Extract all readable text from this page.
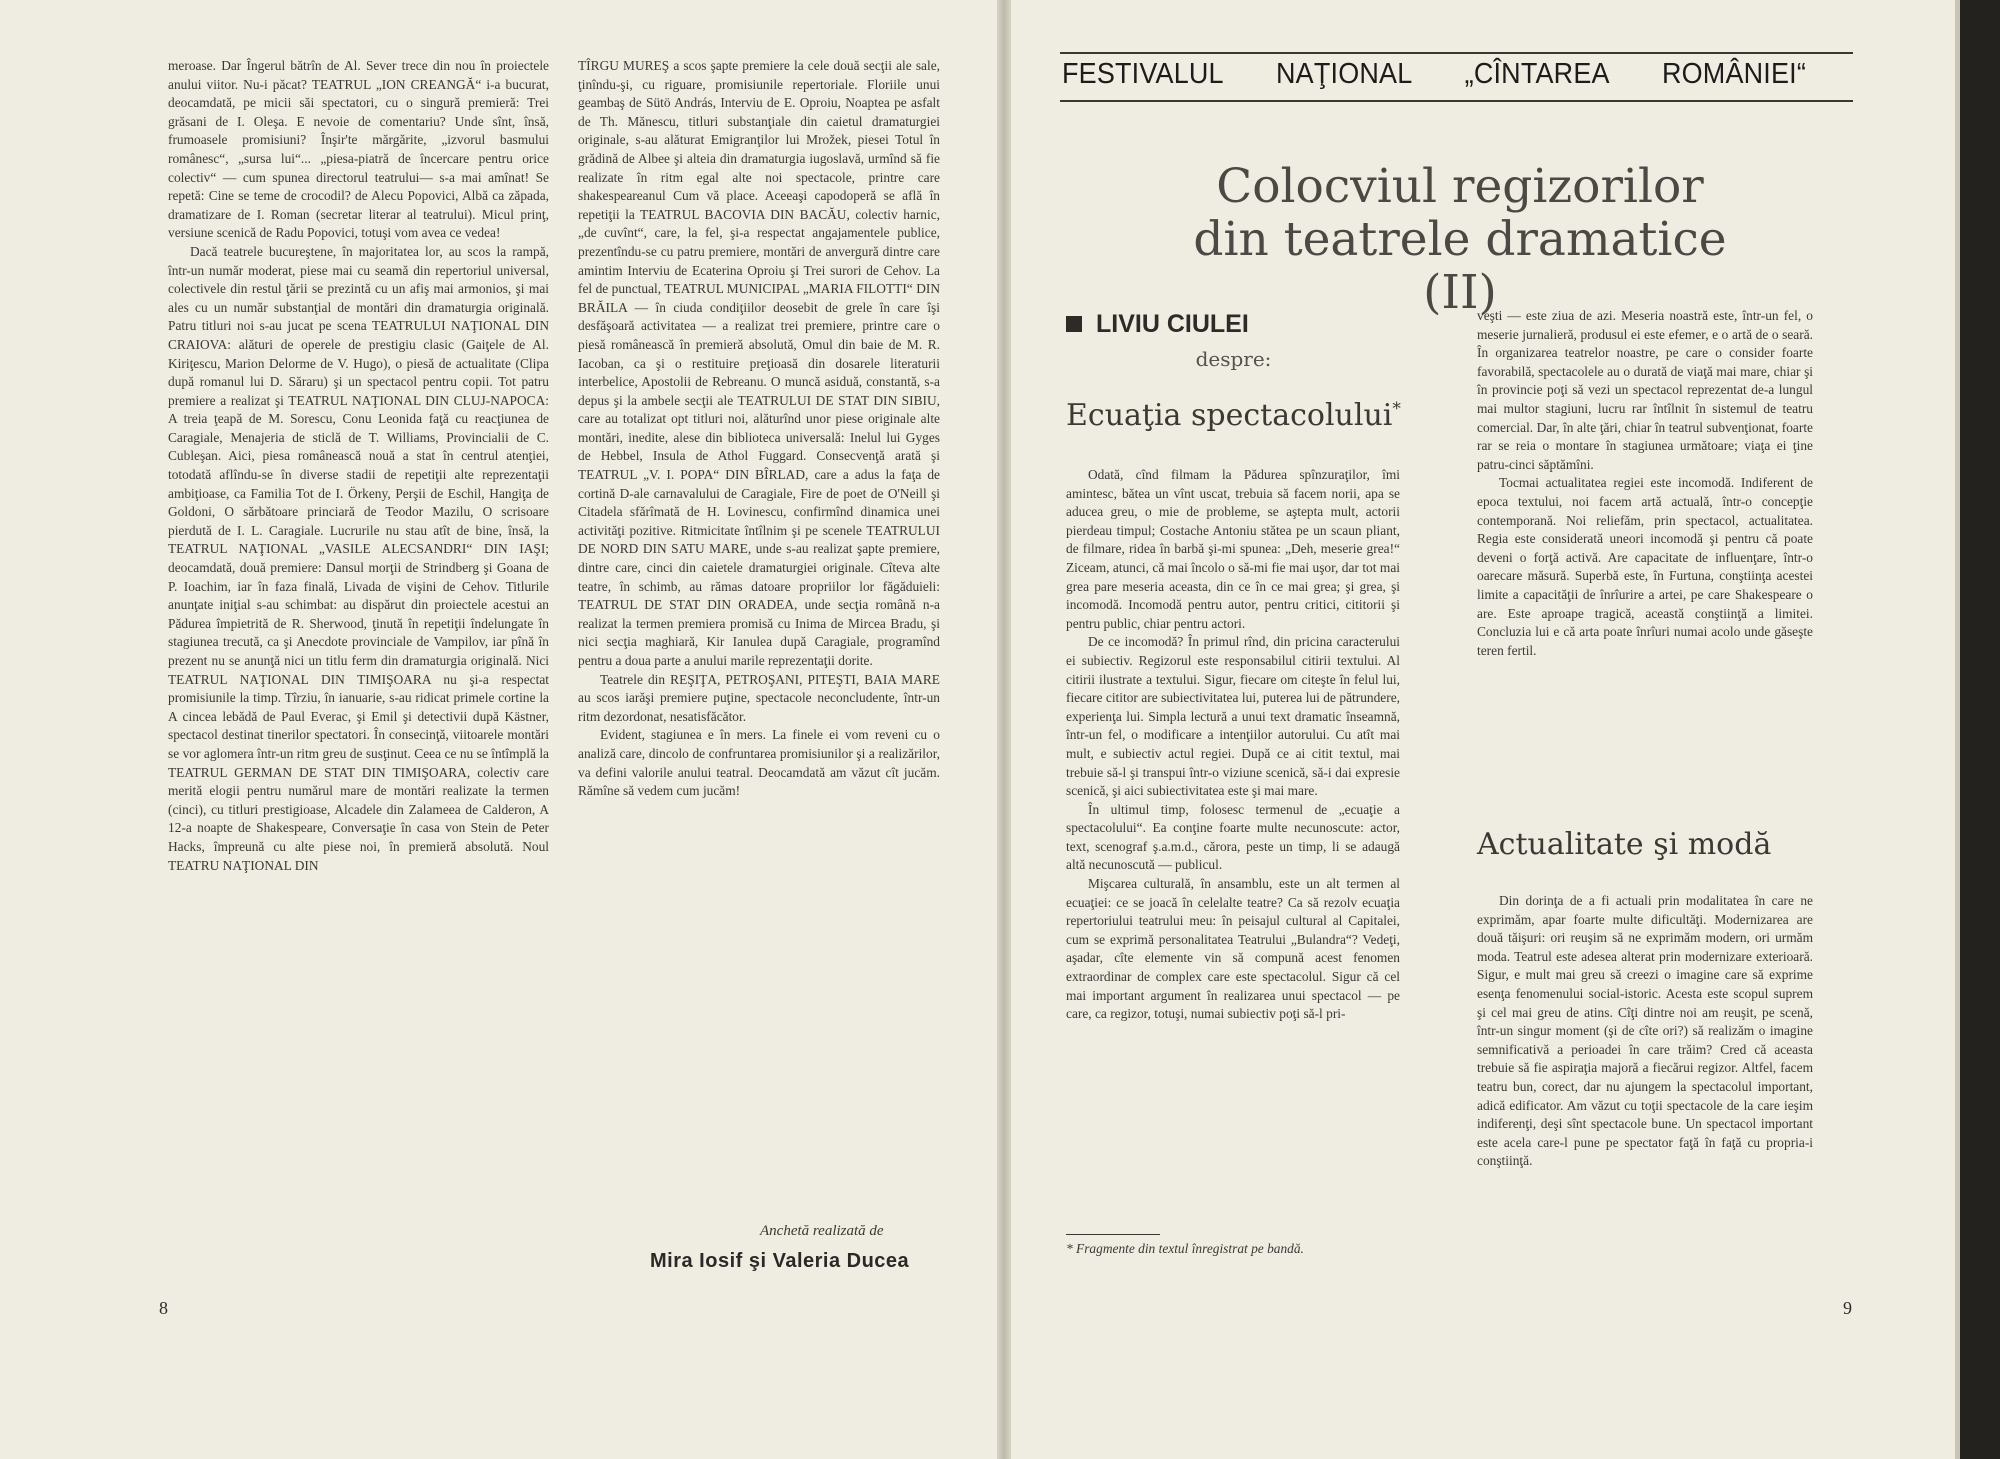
meroase. Dar Îngerul bătrîn de Al. Sever trece din nou în proiectele anului viitor. Nu-i păcat? TEATRUL „ION CREANGĂ“ i-a bucurat, deocamdată, pe micii săi spectatori, cu o singură premieră: Trei grăsani de I. Oleşa. E nevoie de comentariu? Unde sînt, însă, frumoasele promisiuni? Înşir'te mărgărite, „izvorul basmului românesc“, „sursa lui“... „piesa-piatră de încercare pentru orice colectiv“ — cum spunea directorul teatrului— s-a mai amînat! Se repetă: Cine se teme de crocodil? de Alecu Popovici, Albă ca zăpada, dramatizare de I. Roman (secretar literar al teatrului). Micul prinţ, versiune scenică de Radu Popovici, totuşi vom avea ce vedea!

Dacă teatrele bucureştene, în majoritatea lor, au scos la rampă, într-un număr moderat, piese mai cu seamă din repertoriul universal, colectivele din restul ţării se prezintă cu un afiş mai armonios, şi mai ales cu un număr substanţial de montări din dramaturgia originală. Patru titluri noi s-au jucat pe scena TEATRULUI NAŢIONAL DIN CRAIOVA: alături de operele de prestigiu clasic (Gaiţele de Al. Kiriţescu, Marion Delorme de V. Hugo), o piesă de actualitate (Clipa după romanul lui D. Săraru) şi un spectacol pentru copii. Tot patru premiere a realizat şi TEATRUL NAŢIONAL DIN CLUJ-NAPOCA: A treia ţeapă de M. Sorescu, Conu Leonida faţă cu reacţiunea de Caragiale, Menajeria de sticlă de T. Williams, Provincialii de C. Cubleşan. Aici, piesa românească nouă a stat în centrul atenţiei, totodată aflîndu-se în diverse stadii de repetiţii alte reprezentaţii ambiţioase, ca Familia Tot de I. Örkeny, Perşii de Eschil, Hangiţa de Goldoni, O sărbătoare princiară de Teodor Mazilu, O scrisoare pierdută de I. L. Caragiale. Lucrurile nu stau atît de bine, însă, la TEATRUL NAŢIONAL „VASILE ALECSANDRI“ DIN IAŞI; deocamdată, două premiere: Dansul morţii de Strindberg şi Goana de P. Ioachim, iar în faza finală, Livada de vişini de Cehov. Titlurile anunţate iniţial s-au schimbat: au dispărut din proiectele acestui an Pădurea împietrită de R. Sherwood, ţinută în repetiţii îndelungate în stagiunea trecută, ca şi Anecdote provinciale de Vampilov, iar pînă în prezent nu se anunţă nici un titlu ferm din dramaturgia originală. Nici TEATRUL NAŢIONAL DIN TIMIŞOARA nu şi-a respectat promisiunile la timp. Tîrziu, în ianuarie, s-au ridicat primele cortine la A cincea lebădă de Paul Everac, şi Emil şi detectivii după Kästner, spectacol destinat tinerilor spectatori. În consecinţă, viitoarele montări se vor aglomera într-un ritm greu de susţinut. Ceea ce nu se întîmplă la TEATRUL GERMAN DE STAT DIN TIMIŞOARA, colectiv care merită elogii pentru numărul mare de montări realizate la termen (cinci), cu titluri prestigioase, Alcadele din Zalameea de Calderon, A 12-a noapte de Shakespeare, Conversaţie în casa von Stein de Peter Hacks, împreună cu alte piese noi, în premieră absolută. Noul TEATRU NAŢIONAL DIN

TÎRGU MUREŞ a scos şapte premiere la cele două secţii ale sale, ţinîndu-şi, cu riguare, promisiunile repertoriale. Floriile unui geambaş de Sütö András, Interviu de E. Oproiu, Noaptea pe asfalt de Th. Mănescu, titluri substanţiale din caietul dramaturgiei originale, s-au alăturat Emigranţilor lui Mrožek, piesei Totul în grădină de Albee şi alteia din dramaturgia iugoslavă, urmînd să fie realizate în ritm egal alte noi spectacole, printre care shakespeareanul Cum vă place. Aceeaşi capodoperă se află în repetiţii la TEATRUL BACOVIA DIN BACĂU, colectiv harnic, „de cuvînt“, care, la fel, şi-a respectat angajamentele publice, prezentîndu-se cu patru premiere, montări de anvergură dintre care amintim Interviu de Ecaterina Oproiu şi Trei surori de Cehov. La fel de punctual, TEATRUL MUNICIPAL „MARIA FILOTTI“ DIN BRĂILA — în ciuda condiţiilor deosebit de grele în care îşi desfăşoară activitatea — a realizat trei premiere, printre care o piesă românească în premieră absolută, Omul din baie de M. R. Iacoban, ca şi o restituire preţioasă din dosarele literaturii interbelice, Apostolii de Rebreanu. O muncă asiduă, constantă, s-a depus şi la ambele secţii ale TEATRULUI DE STAT DIN SIBIU, care au totalizat opt titluri noi, alăturînd unor piese originale alte montări, inedite, alese din biblioteca universală: Inelul lui Gyges de Hebbel, Insula de Athol Fuggard. Consecvenţă arată şi TEATRUL „V. I. POPA“ DIN BÎRLAD, care a adus la faţa de cortină D-ale carnavalului de Caragiale, Fire de poet de O'Neill şi Citadela sfărîmată de H. Lovinescu, confirmînd dinamica unei activităţi pozitive. Ritmicitate întîlnim şi pe scenele TEATRULUI DE NORD DIN SATU MARE, unde s-au realizat şapte premiere, dintre care, cinci din caietele dramaturgiei originale. Cîteva alte teatre, în schimb, au rămas datoare propriilor lor făgăduieli: TEATRUL DE STAT DIN ORADEA, unde secţia română n-a realizat la termen premiera promisă cu Inima de Mircea Bradu, şi nici secţia maghiară, Kir Ianulea după Caragiale, programînd pentru a doua parte a anului marile reprezentaţii dorite.

Teatrele din REŞIŢA, PETROŞANI, PITEŞTI, BAIA MARE au scos iarăşi premiere puţine, spectacole neconcludente, într-un ritm dezordonat, nesatisfăcător.

Evident, stagiunea e în mers. La finele ei vom reveni cu o analiză care, dincolo de confruntarea promisiunilor şi a realizărilor, va defini valorile anului teatral. Deocamdată am văzut cît jucăm. Rămîne să vedem cum jucăm!

Anchetă realizată de
Mira Iosif şi Valeria Ducea
8
FESTIVALUL NAŢIONAL „CÎNTAREA ROMÂNIEI“
Colocviul regizorilor
din teatrele dramatice (II)
LIVIU CIULEI
despre:
Ecuaţia spectacolului*

Odată, cînd filmam la Pădurea spînzuraţilor, îmi amintesc, bătea un vînt uscat, trebuia să facem norii, apa se aducea greu, o mie de probleme, se aştepta mult, actorii pierdeau timpul; Costache Antoniu stătea pe un scaun pliant, de filmare, ridea în barbă şi-mi spunea: „Deh, meserie grea!“ Ziceam, atunci, că mai încolo o să-mi fie mai uşor, dar tot mai grea pare meseria aceasta, din ce în ce mai grea; şi grea, şi incomodă. Incomodă pentru autor, pentru critici, cititorii şi pentru public, chiar pentru actori.

De ce incomodă? În primul rînd, din pricina caracterului ei subiectiv. Regizorul este responsabilul citirii textului. Al citirii ilustrate a textului. Sigur, fiecare om citeşte în felul lui, fiecare cititor are subiectivitatea lui, puterea lui de pătrundere, experienţa lui. Simpla lectură a unui text dramatic înseamnă, într-un fel, o modificare a intenţiilor autorului. Cu atît mai mult, e subiectiv actul regiei. După ce ai citit textul, mai trebuie să-l şi transpui într-o viziune scenică, să-i dai expresie scenică, şi aici subiectivitatea este şi mai mare.

În ultimul timp, folosesc termenul de „ecuaţie a spectacolului“. Ea conţine foarte multe necunoscute: actor, text, scenograf ş.a.m.d., cărora, peste un timp, li se adaugă altă necunoscută — publicul.

Mişcarea culturală, în ansamblu, este un alt termen al ecuaţiei: ce se joacă în celelalte teatre? Ca să rezolv ecuaţia repertoriului teatrului meu: în peisajul cultural al Capitalei, cum se exprimă personalitatea Teatrului „Bulandra“? Vedeţi, aşadar, cîte elemente vin să compună acest fenomen extraordinar de complex care este spectacolul. Sigur că cel mai important argument în realizarea unui spectacol — pe care, ca regizor, totuşi, numai subiectiv poţi să-l pri-

* Fragmente din textul înregistrat pe bandă.

veşti — este ziua de azi. Meseria noastră este, într-un fel, o meserie jurnalieră, produsul ei este efemer, e o artă de o seară. În organizarea teatrelor noastre, pe care o consider foarte favorabilă, spectacolele au o durată de viaţă mai mare, chiar şi în provincie poţi să vezi un spectacol reprezentat de-a lungul mai multor stagiuni, lucru rar întîlnit în sistemul de teatru comercial. Dar, în alte ţări, chiar în teatrul subvenţionat, foarte rar se reia o montare în stagiunea următoare; viaţa ei ţine patru-cinci săptămîni.

Tocmai actualitatea regiei este incomodă. Indiferent de epoca textului, noi facem artă actuală, într-o concepţie contemporană. Noi reliefăm, prin spectacol, actualitatea. Regia este considerată uneori incomodă şi pentru că poate deveni o forţă activă. Are capacitate de influenţare, într-o oarecare măsură. Superbă este, în Furtuna, conştiinţa acestei limite a capacităţii de înrîurire a artei, pe care Shakespeare o are. Este aproape tragică, această conştiinţă a limitei. Concluzia lui e că arta poate înrîuri numai acolo unde găseşte teren fertil.

Actualitate şi modă

Din dorinţa de a fi actuali prin modalitatea în care ne exprimăm, apar foarte multe dificultăţi. Modernizarea are două tăişuri: ori reuşim să ne exprimăm modern, ori urmăm moda. Teatrul este adesea alterat prin modernizare exterioară. Sigur, e mult mai greu să creezi o imagine care să exprime esenţa fenomenului social-istoric. Acesta este scopul suprem şi cel mai greu de atins. Cîţi dintre noi am reuşit, pe scenă, într-un singur moment (şi de cîte ori?) să realizăm o imagine semnificativă a perioadei în care trăim? Cred că aceasta trebuie să fie aspiraţia majoră a fiecărui regizor. Altfel, facem teatru bun, corect, dar nu ajungem la spectacolul important, adică edificator. Am văzut cu toţii spectacole de la care ieşim indiferenţi, deşi sînt spectacole bune. Un spectacol important este acela care-l pune pe spectator faţă în faţă cu propria-i conştiinţă.

9
